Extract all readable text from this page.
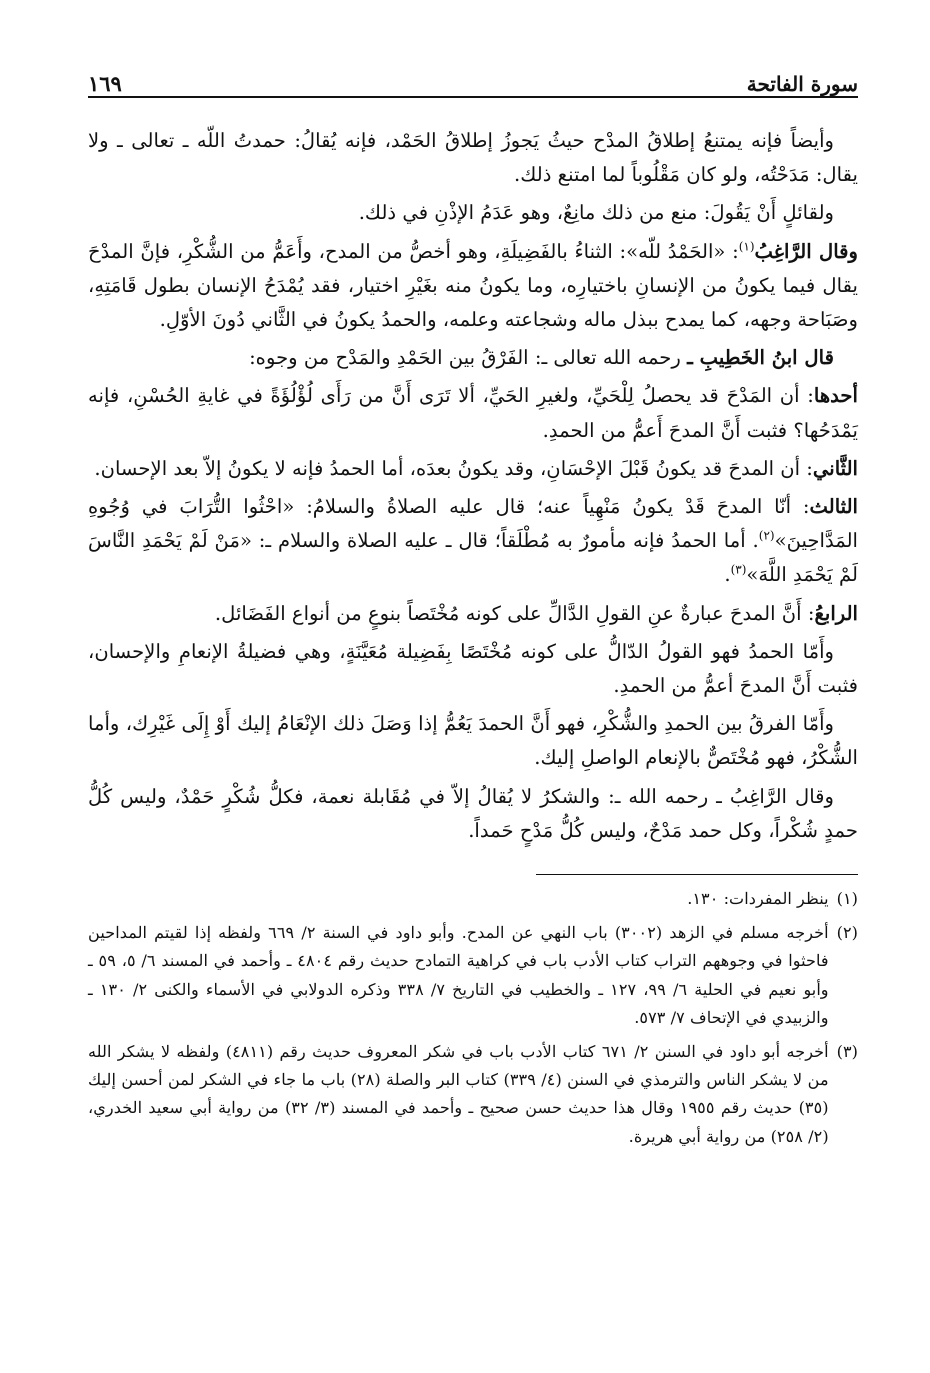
سورة الفاتحة
١٦٩

وأيضاً فإنه يمتنعُ إطلاقُ المدْح حيثُ يَجوزُ إطلاقُ الحَمْد، فإنه يُقالُ: حمدتُ اللّه ـ تعالى ـ ولا يقال: مَدَحْتُه، ولو كان مَقْلُوباً لما امتنع ذلك.

ولقائلٍ أَنْ يَقُولَ: منع من ذلك مانِعٌ، وهو عَدَمُ الإذْنِ في ذلك.

وقال الرَّاغِبُ$^{(١)}$: «الحَمْدُ للّه»: الثناءُ بالفَضِيلَةِ، وهو أخصُّ من المدح، وأَعَمُّ من الشُّكْرِ، فإنَّ المدْحَ يقال فيما يكونُ من الإنسانِ باختيارِه، وما يكونُ منه بغَيْرِ اختيار، فقد يُمْدَحُ الإنسان بطول قَامَتِهِ، وصَبَاحة وجهه، كما يمدح ببذل ماله وشجاعته وعلمه، والحمدُ يكونُ في الثَّاني دُونَ الأوّلِ.

قال ابنُ الخَطِيبِ ـ رحمه الله تعالى ـ: الفَرْقُ بين الحَمْدِ والمَدْح من وجوه:

أحدها: أن المَدْحَ قد يحصلُ لِلْحَيِّ، ولغيرِ الحَيِّ، ألا تَرَى أَنَّ من رَأَى لُؤْلُؤَةً في غايةِ الحُسْنِ، فإنه يَمْدَحُها؟ فثبت أَنَّ المدحَ أَعمُّ من الحمدِ.

الثَّاني: أن المدحَ قد يكونُ قَبْلَ الإحْسَانِ، وقد يكونُ بعدَه، أما الحمدُ فإنه لا يكونُ إلاّ بعد الإحسان.

الثالث: أنّا المدحَ قَدْ يكونُ مَنْهِياً عنه؛ قال عليه الصلاةُ والسلامُ: «احْثُوا التُّرَابَ في وُجُوهِ المَدَّاحِينَ»$^{(٢)}$. أما الحمدُ فإنه مأمورٌ به مُطْلَقاً؛ قال ـ عليه الصلاة والسلام ـ: «مَنْ لَمْ يَحْمَدِ النَّاسَ لَمْ يَحْمَدِ اللَّهَ»$^{(٣)}$.

الرابعُ: أَنَّ المدحَ عبارةٌ عنِ القولِ الدَّالِّ على كونه مُخْتَصاً بنوعٍ من أنواع الفَضَائل.

وأَمّا الحمدُ فهو القولُ الدّالُّ على كونه مُخْتَصًا بِفَضِيلة مُعَيَّنَةٍ، وهي فضيلةُ الإنعامِ والإحسان، فثبت أَنَّ المدحَ أعمُّ من الحمدِ.

وأَمّا الفرقُ بين الحمدِ والشُّكْرِ، فهو أَنَّ الحمدَ يَعُمُّ إذا وَصَلَ ذلك الإنْعَامُ إليك أَوْ إِلَى غَيْرِك، وأما الشُّكْرُ، فهو مُخْتَصٌّ بالإنعام الواصلِ إليك.

وقال الرَّاغِبُ ـ رحمه الله ـ: والشكرُ لا يُقالُ إلاّ في مُقَابلة نعمة، فكلُّ شُكْرٍ حَمْدٌ، وليس كُلُّ حمدٍ شُكْراً، وكل حمد مَدْحٌ، وليس كُلُّ مَدْحٍ حَمداً.

(١)
ينظر المفردات: ١٣٠.
(٢)
أخرجه مسلم في الزهد (٣٠٠٢) باب النهي عن المدح. وأبو داود في السنة ٢/ ٦٦٩ ولفظه إذا لقيتم المداحين فاحثوا في وجوههم التراب كتاب الأدب باب في كراهية التمادح حديث رقم ٤٨٠٤ ـ وأحمد في المسند ٦/ ٥، ٥٩ ـ وأبو نعيم في الحلية ٦/ ٩٩، ١٢٧ ـ والخطيب في التاريخ ٧/ ٣٣٨ وذكره الدولابي في الأسماء والكنى ٢/ ١٣٠ ـ والزبيدي في الإتحاف ٧/ ٥٧٣.
(٣)
أخرجه أبو داود في السنن ٢/ ٦٧١ كتاب الأدب باب في شكر المعروف حديث رقم (٤٨١١) ولفظه لا يشكر الله من لا يشكر الناس والترمذي في السنن (٤/ ٣٣٩) كتاب البر والصلة (٢٨) باب ما جاء في الشكر لمن أحسن إليك (٣٥) حديث رقم ١٩٥٥ وقال هذا حديث حسن صحيح ـ وأحمد في المسند (٣/ ٣٢) من رواية أبي سعيد الخدري، (٢/ ٢٥٨) من رواية أبي هريرة.
